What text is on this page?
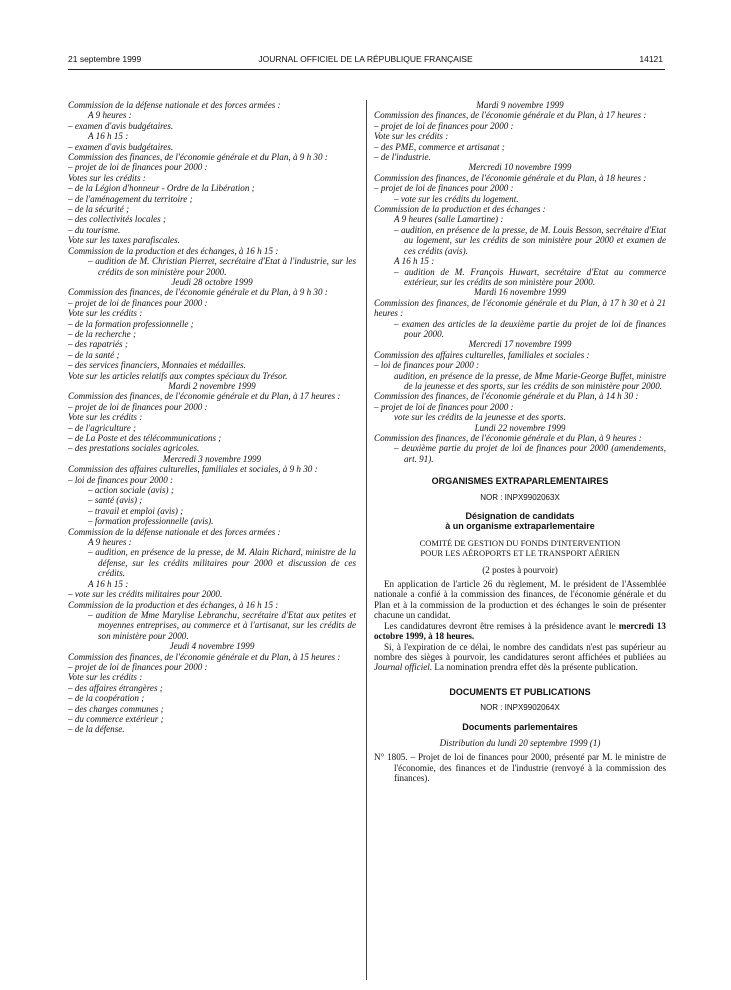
21 septembre 1999	JOURNAL OFFICIEL DE LA RÉPUBLIQUE FRANÇAISE	14121

Commission de la défense nationale et des forces armées :

A 9 heures :

– examen d'avis budgétaires.

A 16 h 15 :

– examen d'avis budgétaires.

Commission des finances, de l'économie générale et du Plan, à 9 h 30 :

– projet de loi de finances pour 2000 :

Votes sur les crédits :

– de la Légion d'honneur - Ordre de la Libération ;

– de l'aménagement du territoire ;

– de la sécurité ;

– des collectivités locales ;

– du tourisme.

Vote sur les taxes parafiscales.

Commission de la production et des échanges, à 16 h 15 :

– audition de M. Christian Pierret, secrétaire d'Etat à l'industrie, sur les crédits de son ministère pour 2000.

Jeudi 28 octobre 1999

Commission des finances, de l'économie générale et du Plan, à 9 h 30 :

– projet de loi de finances pour 2000 :

Vote sur les crédits :

– de la formation professionnelle ;

– de la recherche ;

– des rapatriés ;

– de la santé ;

– des services financiers, Monnaies et médailles.

Vote sur les articles relatifs aux comptes spéciaux du Trésor.

Mardi 2 novembre 1999

Commission des finances, de l'économie générale et du Plan, à 17 heures :

– projet de loi de finances pour 2000 :

Vote sur les crédits :

– de l'agriculture ;

– de La Poste et des télécommunications ;

– des prestations sociales agricoles.

Mercredi 3 novembre 1999

Commission des affaires culturelles, familiales et sociales, à 9 h 30 :

– loi de finances pour 2000 :

– action sociale (avis) ;

– santé (avis) ;

– travail et emploi (avis) ;

– formation professionnelle (avis).

Commission de la défense nationale et des forces armées :

A 9 heures :

– audition, en présence de la presse, de M. Alain Richard, ministre de la défense, sur les crédits militaires pour 2000 et discussion de ces crédits.

A 16 h 15 :

– vote sur les crédits militaires pour 2000.

Commission de la production et des échanges, à 16 h 15 :

– audition de Mme Marylise Lebranchu, secrétaire d'Etat aux petites et moyennes entreprises, au commerce et à l'artisanat, sur les crédits de son ministère pour 2000.

Jeudi 4 novembre 1999

Commission des finances, de l'économie générale et du Plan, à 15 heures :

– projet de loi de finances pour 2000 :

Vote sur les crédits :

– des affaires étrangères ;

– de la coopération ;

– des charges communes ;

– du commerce extérieur ;

– de la défense.

Mardi 9 novembre 1999

Commission des finances, de l'économie générale et du Plan, à 17 heures :

– projet de loi de finances pour 2000 :

Vote sur les crédits :

– des PME, commerce et artisanat ;

– de l'industrie.

Mercredi 10 novembre 1999

Commission des finances, de l'économie générale et du Plan, à 18 heures :

– projet de loi de finances pour 2000 :

– vote sur les crédits du logement.

Commission de la production et des échanges :

A 9 heures (salle Lamartine) :

– audition, en présence de la presse, de M. Louis Besson, secrétaire d'Etat au logement, sur les crédits de son ministère pour 2000 et examen de ces crédits (avis).

A 16 h 15 :

– audition de M. François Huwart, secrétaire d'Etat au commerce extérieur, sur les crédits de son ministère pour 2000.

Mardi 16 novembre 1999

Commission des finances, de l'économie générale et du Plan, à 17 h 30 et à 21 heures :

– examen des articles de la deuxième partie du projet de loi de finances pour 2000.

Mercredi 17 novembre 1999

Commission des affaires culturelles, familiales et sociales :

– loi de finances pour 2000 :

audition, en présence de la presse, de Mme Marie-George Buffet, ministre de la jeunesse et des sports, sur les crédits de son ministère pour 2000.

Commission des finances, de l'économie générale et du Plan, à 14 h 30 :

– projet de loi de finances pour 2000 :

vote sur les crédits de la jeunesse et des sports.

Lundi 22 novembre 1999

Commission des finances, de l'économie générale et du Plan, à 9 heures :

– deuxième partie du projet de loi de finances pour 2000 (amendements, art. 91).

ORGANISMES EXTRAPARLEMENTAIRES
NOR : INPX9902063X
Désignation de candidats
à un organisme extraparlementaire

COMITÉ DE GESTION DU FONDS D'INTERVENTION

POUR LES AÉROPORTS ET LE TRANSPORT AÉRIEN

(2 postes à pourvoir)

En application de l'article 26 du règlement, M. le président de l'Assemblée nationale a confié à la commission des finances, de l'économie générale et du Plan et à la commission de la production et des échanges le soin de présenter chacune un candidat.

Les candidatures devront être remises à la présidence avant le mercredi 13 octobre 1999, à 18 heures.

Si, à l'expiration de ce délai, le nombre des candidats n'est pas supérieur au nombre des sièges à pourvoir, les candidatures seront affichées et publiées au Journal officiel. La nomination prendra effet dès la présente publication.

DOCUMENTS ET PUBLICATIONS
NOR : INPX9902064X
Documents parlementaires

Distribution du lundi 20 septembre 1999 (1)

N° 1805. – Projet de loi de finances pour 2000, présenté par M. le ministre de l'économie, des finances et de l'industrie (renvoyé à la commission des finances).
